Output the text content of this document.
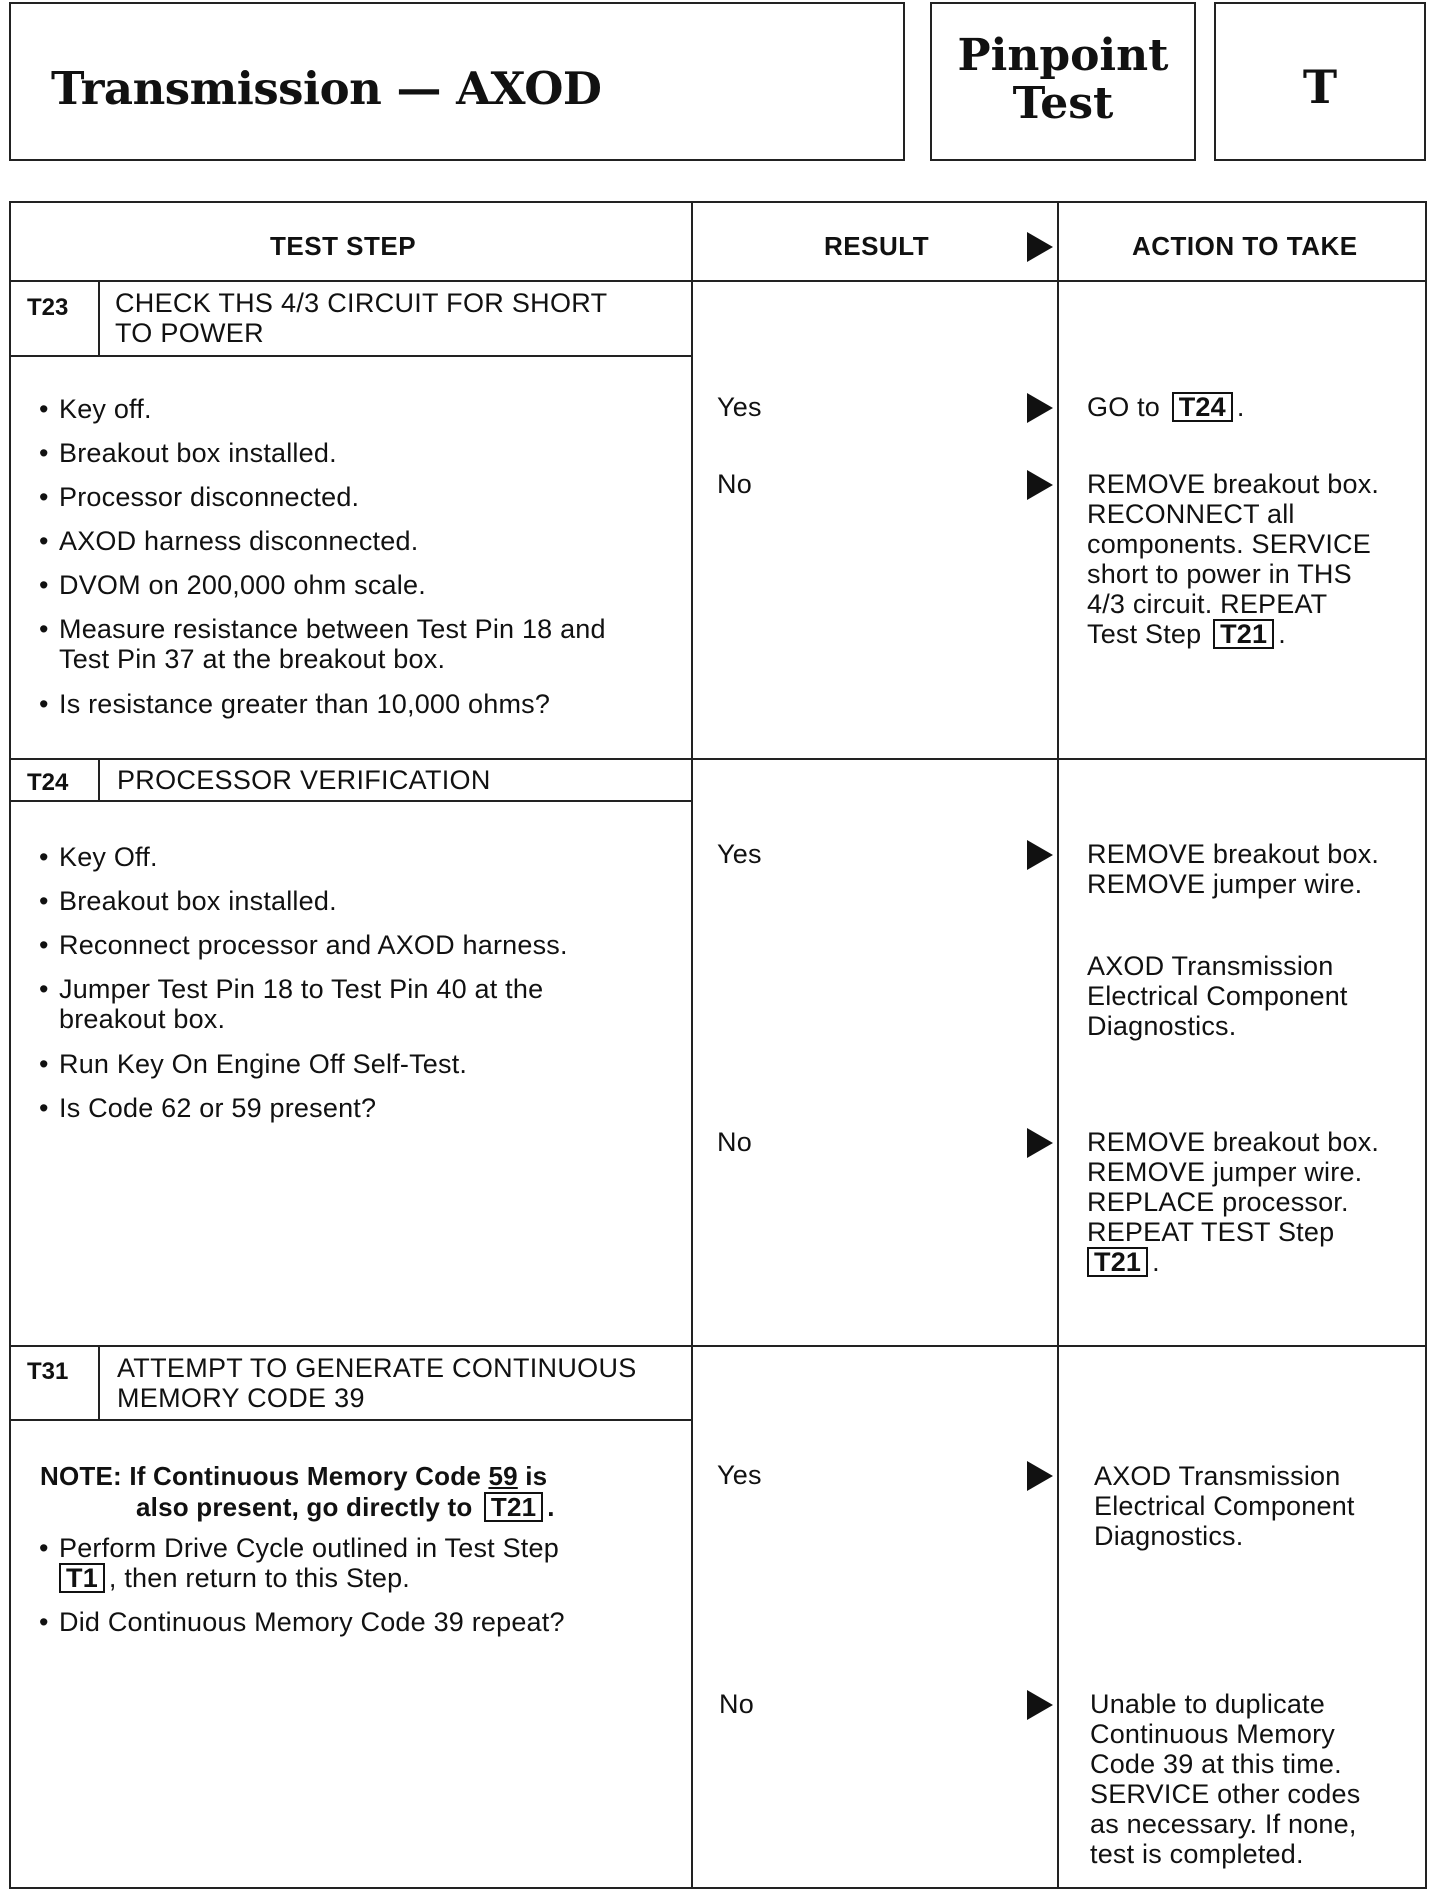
Transmission — AXOD
Pinpoint
Test	T
TEST STEP	RESULT	ACTION TO TAKE
T23 CHECK THS 4/3 CIRCUIT FOR SHORT
TO POWER
• Key off.
• Breakout box installed.
• Processor disconnected.
• AXOD harness disconnected.
• DVOM on 200,000 ohm scale.
• Measure resistance between Test Pin 18 and
Test Pin 37 at the breakout box.
• Is resistance greater than 10,000 ohms?
Yes	GO to T24 .
No	REMOVE breakout box.
RECONNECT all
components. SERVICE
short to power in THS
4/3 circuit. REPEAT
Test Step T21 .
T24 PROCESSOR VERIFICATION
• Key Off.
• Breakout box installed.
• Reconnect processor and AXOD harness.
• Jumper Test Pin 18 to Test Pin 40 at the
breakout box.
• Run Key On Engine Off Self-Test.
• Is Code 62 or 59 present?
Yes	REMOVE breakout box.
REMOVE jumper wire.
AXOD Transmission
Electrical Component
Diagnostics.
No	REMOVE breakout box.
REMOVE jumper wire.
REPLACE processor.
REPEAT TEST Step
T21 .
T31 ATTEMPT TO GENERATE CONTINUOUS
MEMORY CODE 39
NOTE: If Continuous Memory Code 59 is
also present, go directly to T21 .
• Perform Drive Cycle outlined in Test Step
T1 , then return to this Step.
• Did Continuous Memory Code 39 repeat?
Yes	AXOD Transmission
Electrical Component
Diagnostics.
No	Unable to duplicate
Continuous Memory
Code 39 at this time.
SERVICE other codes
as necessary. If none,
test is completed.
